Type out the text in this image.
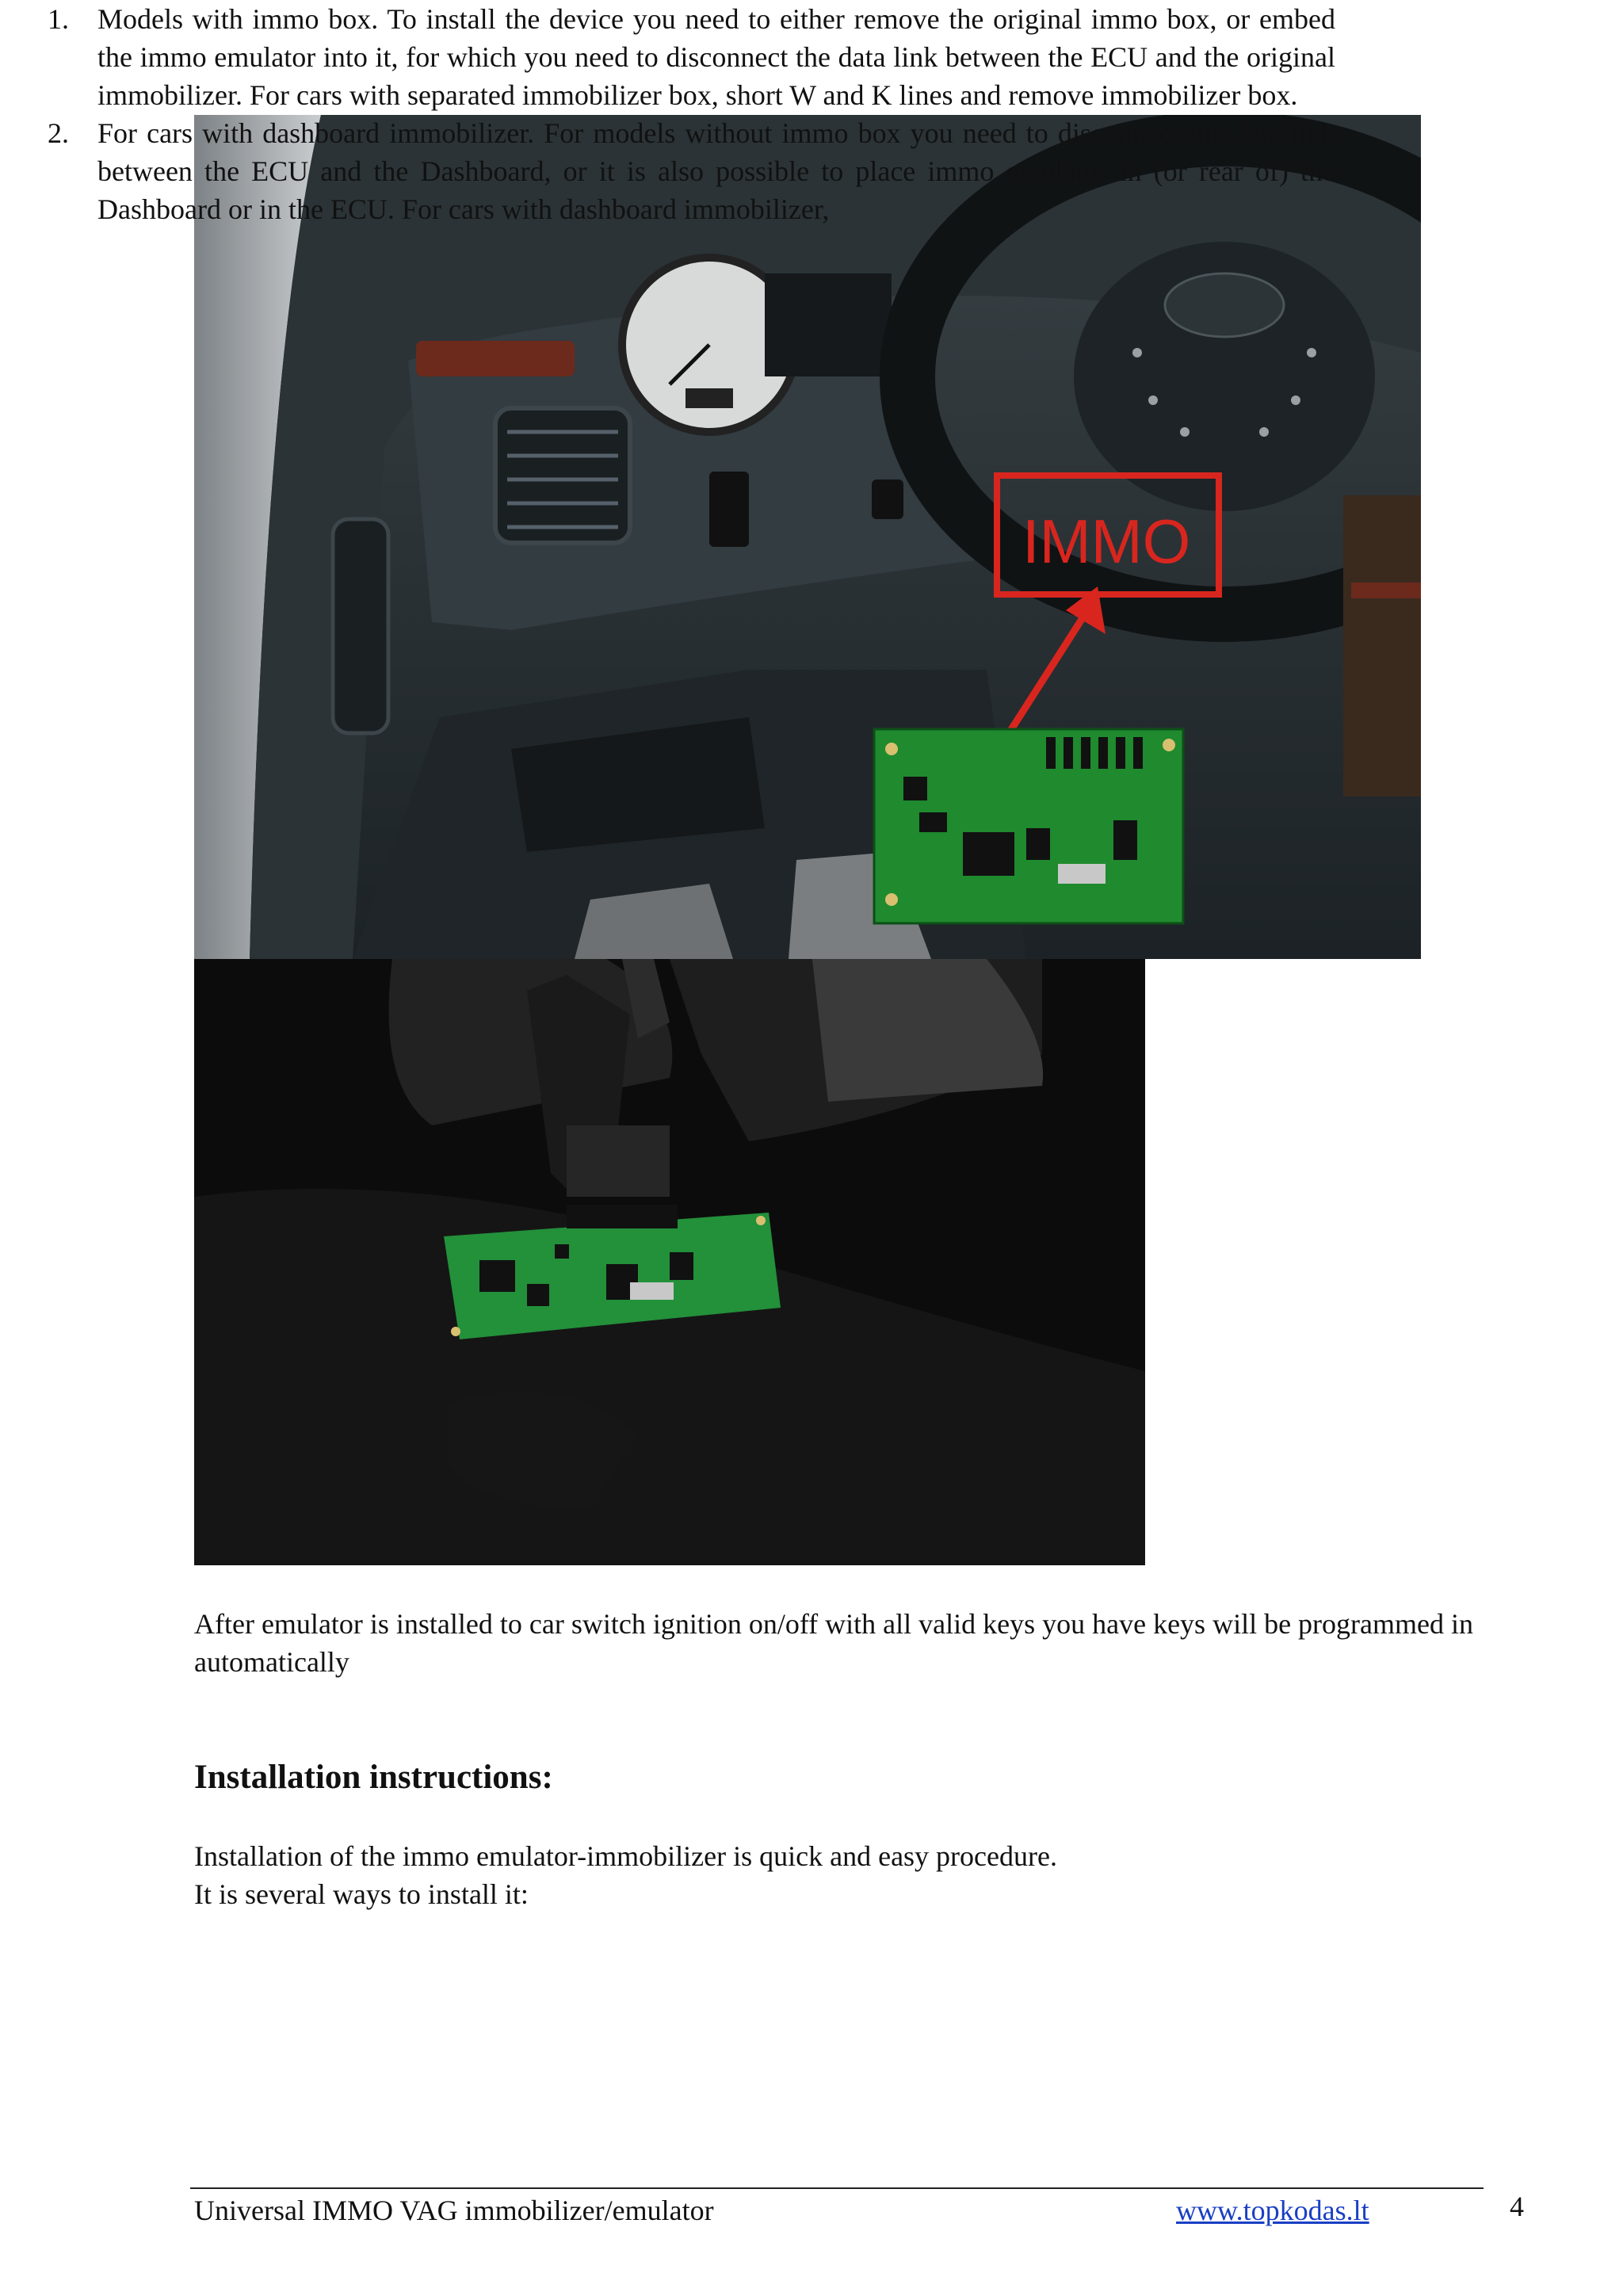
IMMO
After emulator is installed to car switch ignition on/off with all valid keys you have keys will be programmed in automatically
Installation instructions:
Installation of the immo emulator-immobilizer is quick and easy procedure.
It is several ways to install it:
1. Models with immo box. To install the device you need to either remove the original immo box, or embed the immo emulator into it, for which you need to disconnect the data link between the ECU and the original immobilizer. For cars with separated immobilizer box, short W and K lines and remove immobilizer box.
2. For cars with dashboard immobilizer. For models without immo box you need to disconnect the data link between the ECU and the Dashboard, or it is also possible to place immo emulator in (or rear of) the Dashboard or in the ECU. For cars with dashboard immobilizer,
Universal IMMO VAG immobilizer/emulator	www.topkodas.lt	4
